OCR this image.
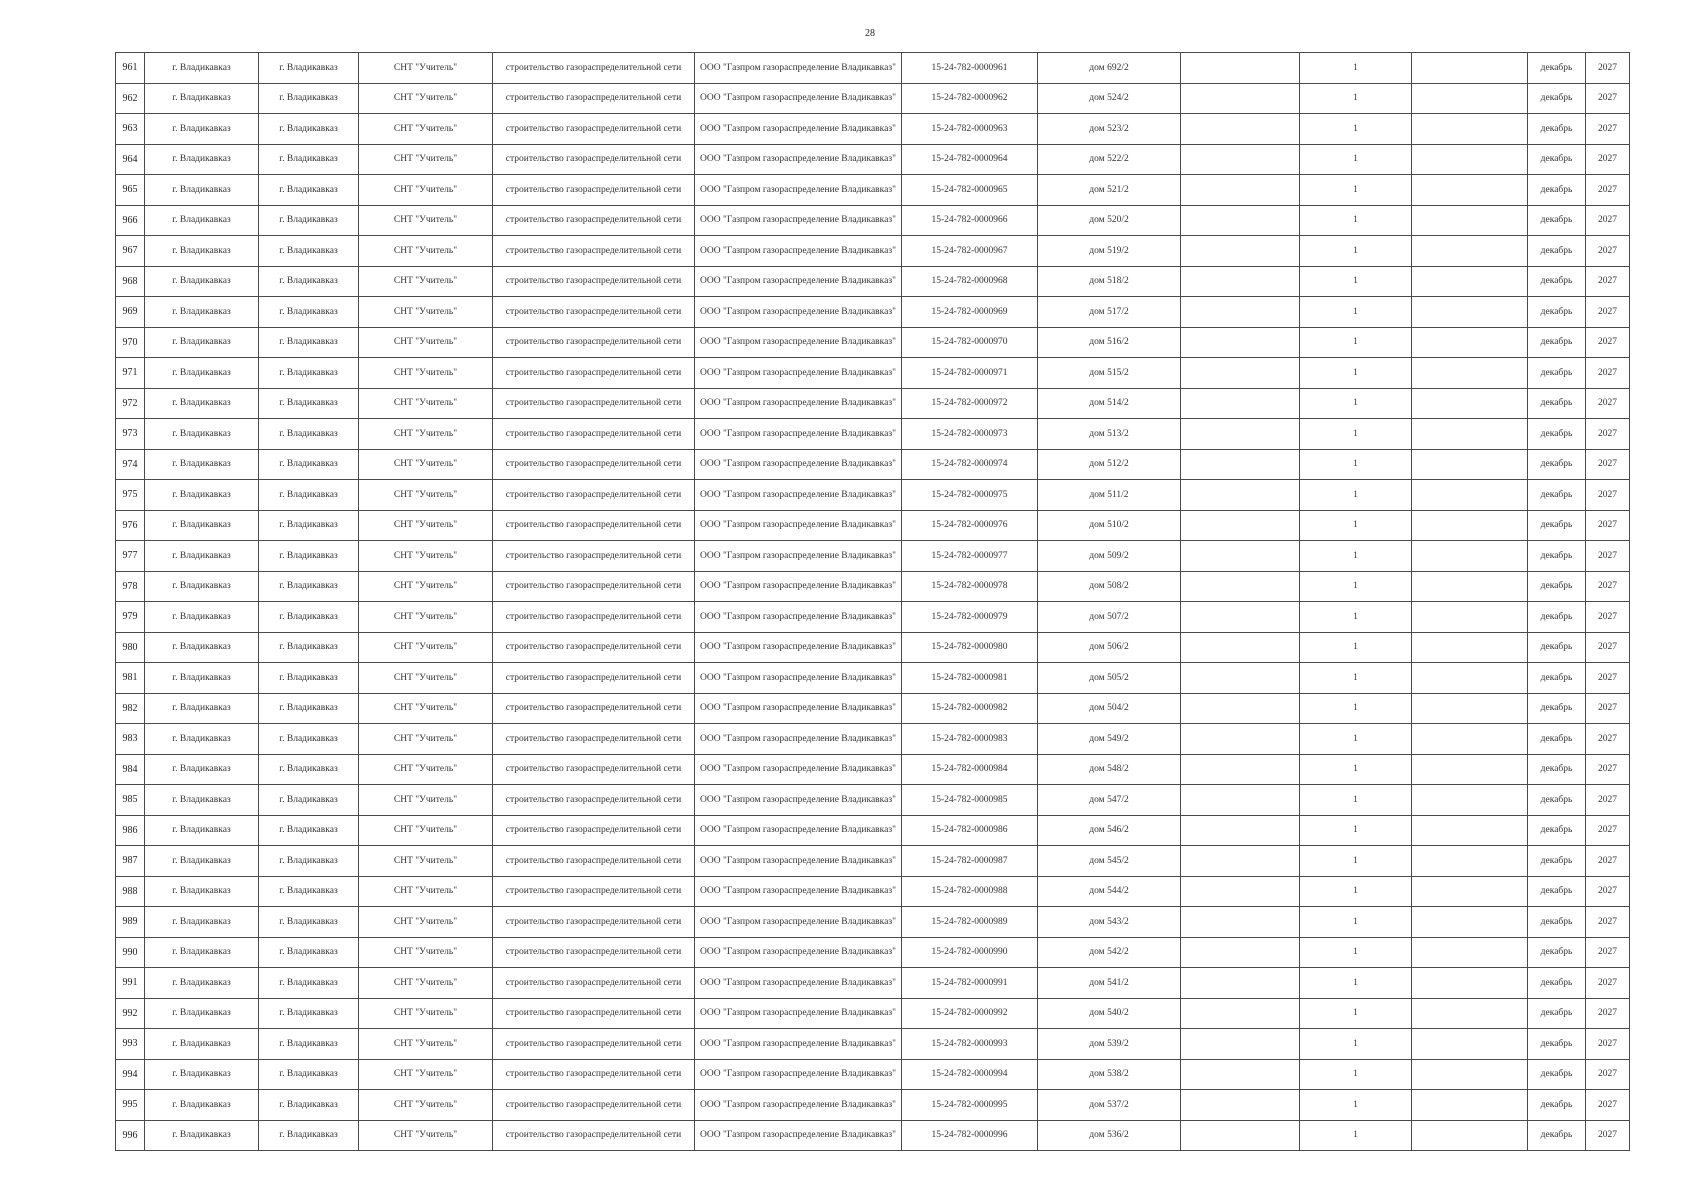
28
961	г. Владикавказ	г. Владикавказ	СНТ "Учитель"	строительство газораспределительной сети	ООО "Газпром газораспределение Владикавказ"	15-24-782-0000961	дом 692/2		1		декабрь	2027
962	г. Владикавказ	г. Владикавказ	СНТ "Учитель"	строительство газораспределительной сети	ООО "Газпром газораспределение Владикавказ"	15-24-782-0000962	дом 524/2		1		декабрь	2027
963	г. Владикавказ	г. Владикавказ	СНТ "Учитель"	строительство газораспределительной сети	ООО "Газпром газораспределение Владикавказ"	15-24-782-0000963	дом 523/2		1		декабрь	2027
964	г. Владикавказ	г. Владикавказ	СНТ "Учитель"	строительство газораспределительной сети	ООО "Газпром газораспределение Владикавказ"	15-24-782-0000964	дом 522/2		1		декабрь	2027
965	г. Владикавказ	г. Владикавказ	СНТ "Учитель"	строительство газораспределительной сети	ООО "Газпром газораспределение Владикавказ"	15-24-782-0000965	дом 521/2		1		декабрь	2027
966	г. Владикавказ	г. Владикавказ	СНТ "Учитель"	строительство газораспределительной сети	ООО "Газпром газораспределение Владикавказ"	15-24-782-0000966	дом 520/2		1		декабрь	2027
967	г. Владикавказ	г. Владикавказ	СНТ "Учитель"	строительство газораспределительной сети	ООО "Газпром газораспределение Владикавказ"	15-24-782-0000967	дом 519/2		1		декабрь	2027
968	г. Владикавказ	г. Владикавказ	СНТ "Учитель"	строительство газораспределительной сети	ООО "Газпром газораспределение Владикавказ"	15-24-782-0000968	дом 518/2		1		декабрь	2027
969	г. Владикавказ	г. Владикавказ	СНТ "Учитель"	строительство газораспределительной сети	ООО "Газпром газораспределение Владикавказ"	15-24-782-0000969	дом 517/2		1		декабрь	2027
970	г. Владикавказ	г. Владикавказ	СНТ "Учитель"	строительство газораспределительной сети	ООО "Газпром газораспределение Владикавказ"	15-24-782-0000970	дом 516/2		1		декабрь	2027
971	г. Владикавказ	г. Владикавказ	СНТ "Учитель"	строительство газораспределительной сети	ООО "Газпром газораспределение Владикавказ"	15-24-782-0000971	дом 515/2		1		декабрь	2027
972	г. Владикавказ	г. Владикавказ	СНТ "Учитель"	строительство газораспределительной сети	ООО "Газпром газораспределение Владикавказ"	15-24-782-0000972	дом 514/2		1		декабрь	2027
973	г. Владикавказ	г. Владикавказ	СНТ "Учитель"	строительство газораспределительной сети	ООО "Газпром газораспределение Владикавказ"	15-24-782-0000973	дом 513/2		1		декабрь	2027
974	г. Владикавказ	г. Владикавказ	СНТ "Учитель"	строительство газораспределительной сети	ООО "Газпром газораспределение Владикавказ"	15-24-782-0000974	дом 512/2		1		декабрь	2027
975	г. Владикавказ	г. Владикавказ	СНТ "Учитель"	строительство газораспределительной сети	ООО "Газпром газораспределение Владикавказ"	15-24-782-0000975	дом 511/2		1		декабрь	2027
976	г. Владикавказ	г. Владикавказ	СНТ "Учитель"	строительство газораспределительной сети	ООО "Газпром газораспределение Владикавказ"	15-24-782-0000976	дом 510/2		1		декабрь	2027
977	г. Владикавказ	г. Владикавказ	СНТ "Учитель"	строительство газораспределительной сети	ООО "Газпром газораспределение Владикавказ"	15-24-782-0000977	дом 509/2		1		декабрь	2027
978	г. Владикавказ	г. Владикавказ	СНТ "Учитель"	строительство газораспределительной сети	ООО "Газпром газораспределение Владикавказ"	15-24-782-0000978	дом 508/2		1		декабрь	2027
979	г. Владикавказ	г. Владикавказ	СНТ "Учитель"	строительство газораспределительной сети	ООО "Газпром газораспределение Владикавказ"	15-24-782-0000979	дом 507/2		1		декабрь	2027
980	г. Владикавказ	г. Владикавказ	СНТ "Учитель"	строительство газораспределительной сети	ООО "Газпром газораспределение Владикавказ"	15-24-782-0000980	дом 506/2		1		декабрь	2027
981	г. Владикавказ	г. Владикавказ	СНТ "Учитель"	строительство газораспределительной сети	ООО "Газпром газораспределение Владикавказ"	15-24-782-0000981	дом 505/2		1		декабрь	2027
982	г. Владикавказ	г. Владикавказ	СНТ "Учитель"	строительство газораспределительной сети	ООО "Газпром газораспределение Владикавказ"	15-24-782-0000982	дом 504/2		1		декабрь	2027
983	г. Владикавказ	г. Владикавказ	СНТ "Учитель"	строительство газораспределительной сети	ООО "Газпром газораспределение Владикавказ"	15-24-782-0000983	дом 549/2		1		декабрь	2027
984	г. Владикавказ	г. Владикавказ	СНТ "Учитель"	строительство газораспределительной сети	ООО "Газпром газораспределение Владикавказ"	15-24-782-0000984	дом 548/2		1		декабрь	2027
985	г. Владикавказ	г. Владикавказ	СНТ "Учитель"	строительство газораспределительной сети	ООО "Газпром газораспределение Владикавказ"	15-24-782-0000985	дом 547/2		1		декабрь	2027
986	г. Владикавказ	г. Владикавказ	СНТ "Учитель"	строительство газораспределительной сети	ООО "Газпром газораспределение Владикавказ"	15-24-782-0000986	дом 546/2		1		декабрь	2027
987	г. Владикавказ	г. Владикавказ	СНТ "Учитель"	строительство газораспределительной сети	ООО "Газпром газораспределение Владикавказ"	15-24-782-0000987	дом 545/2		1		декабрь	2027
988	г. Владикавказ	г. Владикавказ	СНТ "Учитель"	строительство газораспределительной сети	ООО "Газпром газораспределение Владикавказ"	15-24-782-0000988	дом 544/2		1		декабрь	2027
989	г. Владикавказ	г. Владикавказ	СНТ "Учитель"	строительство газораспределительной сети	ООО "Газпром газораспределение Владикавказ"	15-24-782-0000989	дом 543/2		1		декабрь	2027
990	г. Владикавказ	г. Владикавказ	СНТ "Учитель"	строительство газораспределительной сети	ООО "Газпром газораспределение Владикавказ"	15-24-782-0000990	дом 542/2		1		декабрь	2027
991	г. Владикавказ	г. Владикавказ	СНТ "Учитель"	строительство газораспределительной сети	ООО "Газпром газораспределение Владикавказ"	15-24-782-0000991	дом 541/2		1		декабрь	2027
992	г. Владикавказ	г. Владикавказ	СНТ "Учитель"	строительство газораспределительной сети	ООО "Газпром газораспределение Владикавказ"	15-24-782-0000992	дом 540/2		1		декабрь	2027
993	г. Владикавказ	г. Владикавказ	СНТ "Учитель"	строительство газораспределительной сети	ООО "Газпром газораспределение Владикавказ"	15-24-782-0000993	дом 539/2		1		декабрь	2027
994	г. Владикавказ	г. Владикавказ	СНТ "Учитель"	строительство газораспределительной сети	ООО "Газпром газораспределение Владикавказ"	15-24-782-0000994	дом 538/2		1		декабрь	2027
995	г. Владикавказ	г. Владикавказ	СНТ "Учитель"	строительство газораспределительной сети	ООО "Газпром газораспределение Владикавказ"	15-24-782-0000995	дом 537/2		1		декабрь	2027
996	г. Владикавказ	г. Владикавказ	СНТ "Учитель"	строительство газораспределительной сети	ООО "Газпром газораспределение Владикавказ"	15-24-782-0000996	дом 536/2		1		декабрь	2027
